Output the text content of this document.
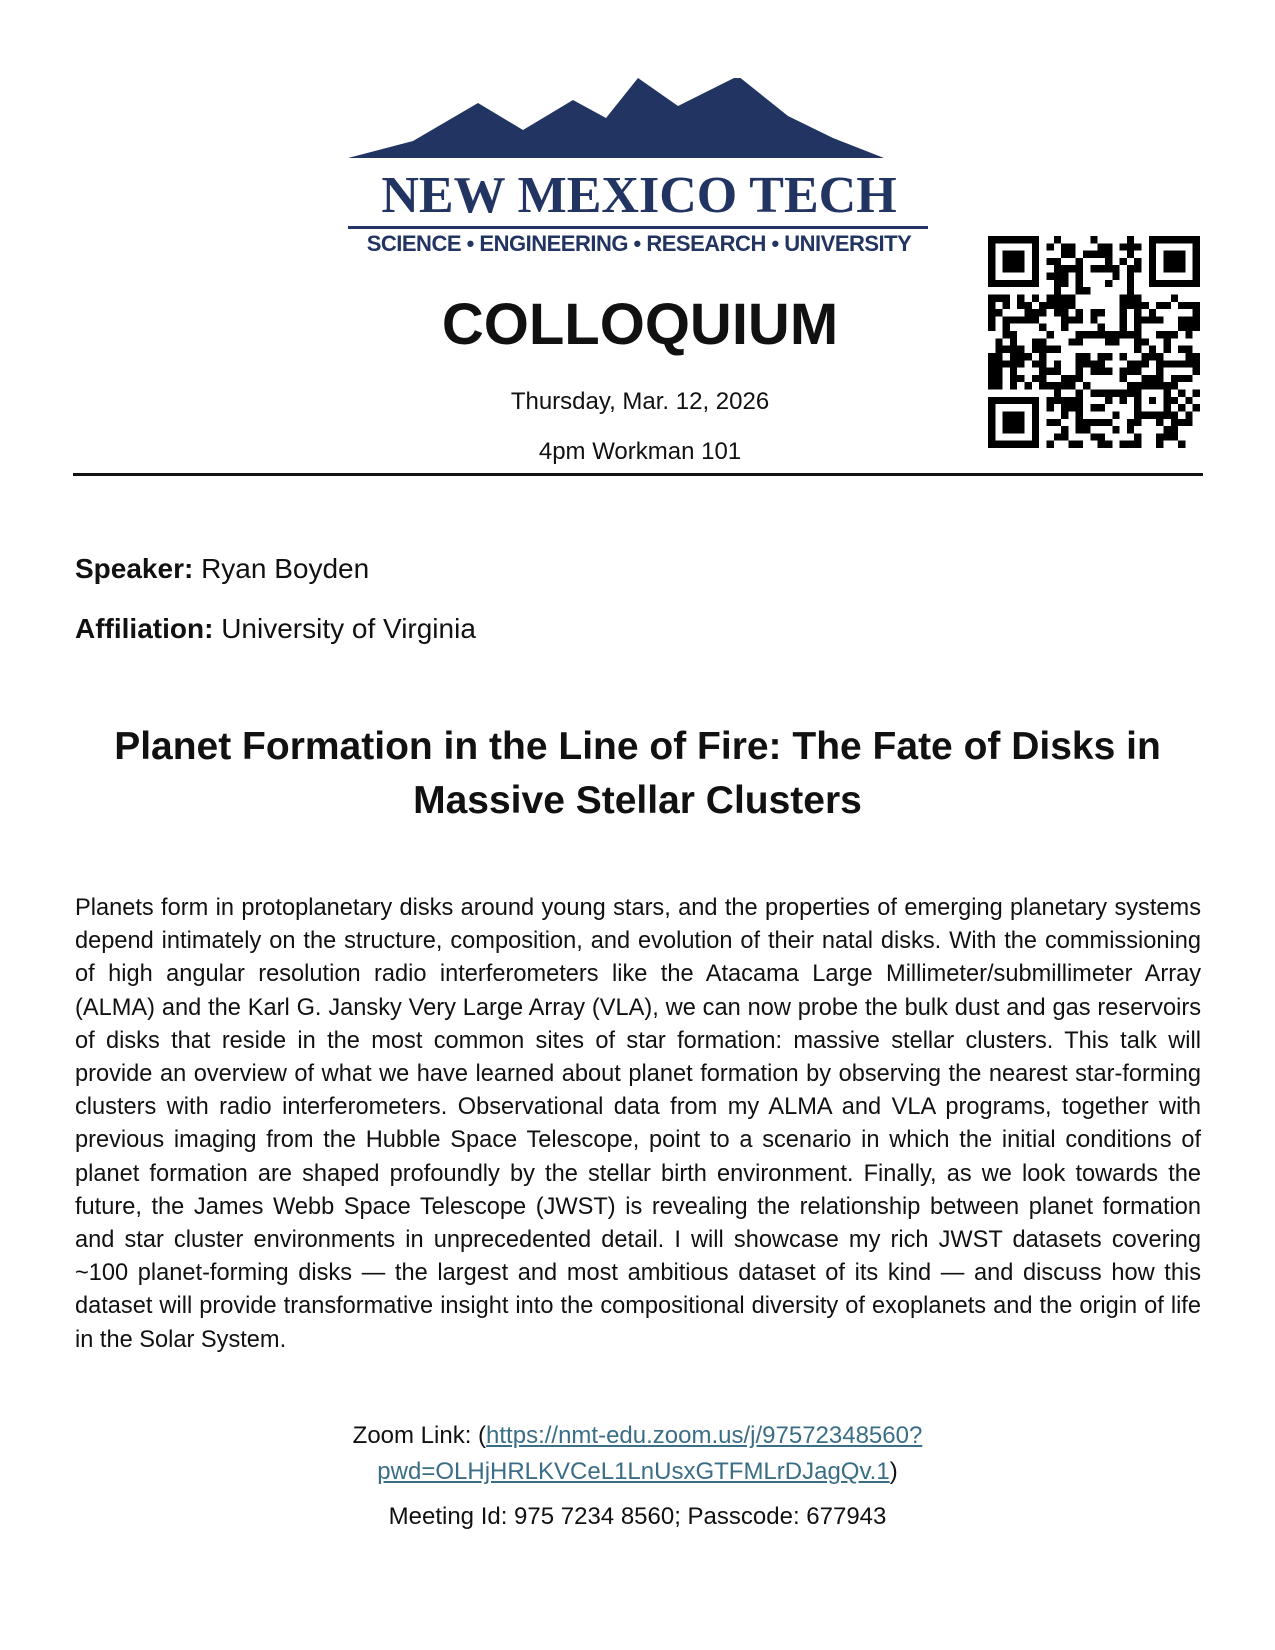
NEW MEXICO TECH
SCIENCE • ENGINEERING • RESEARCH • UNIVERSITY
COLLOQUIUM
Thursday, Mar. 12, 2026
4pm Workman 101
Speaker: Ryan Boyden
Affiliation: University of Virginia
Planet Formation in the Line of Fire: The Fate of Disks in Massive Stellar Clusters

Planets form in protoplanetary disks around young stars, and the properties of emerging planetary systems depend intimately on the structure, composition, and evolution of their natal disks. With the commissioning of high angular resolution radio interferometers like the Atacama Large Millimeter/submillimeter Array (ALMA) and the Karl G. Jansky Very Large Array (VLA), we can now probe the bulk dust and gas reservoirs of disks that reside in the most common sites of star formation: massive stellar clusters. This talk will provide an overview of what we have learned about planet formation by observing the nearest star-forming clusters with radio interferometers. Observational data from my ALMA and VLA programs, together with previous imaging from the Hubble Space Telescope, point to a scenario in which the initial conditions of planet formation are shaped profoundly by the stellar birth environment. Finally, as we look towards the future, the James Webb Space Telescope (JWST) is revealing the relationship between planet formation and star cluster environments in unprecedented detail. I will showcase my rich JWST datasets covering ~100 planet-forming disks — the largest and most ambitious dataset of its kind — and discuss how this dataset will provide transformative insight into the compositional diversity of exoplanets and the origin of life in the Solar System.

Zoom Link: (https://nmt-edu.zoom.us/j/97572348560?pwd=OLHjHRLKVCeL1LnUsxGTFMLrDJagQv.1)
Meeting Id: 975 7234 8560; Passcode: 677943
